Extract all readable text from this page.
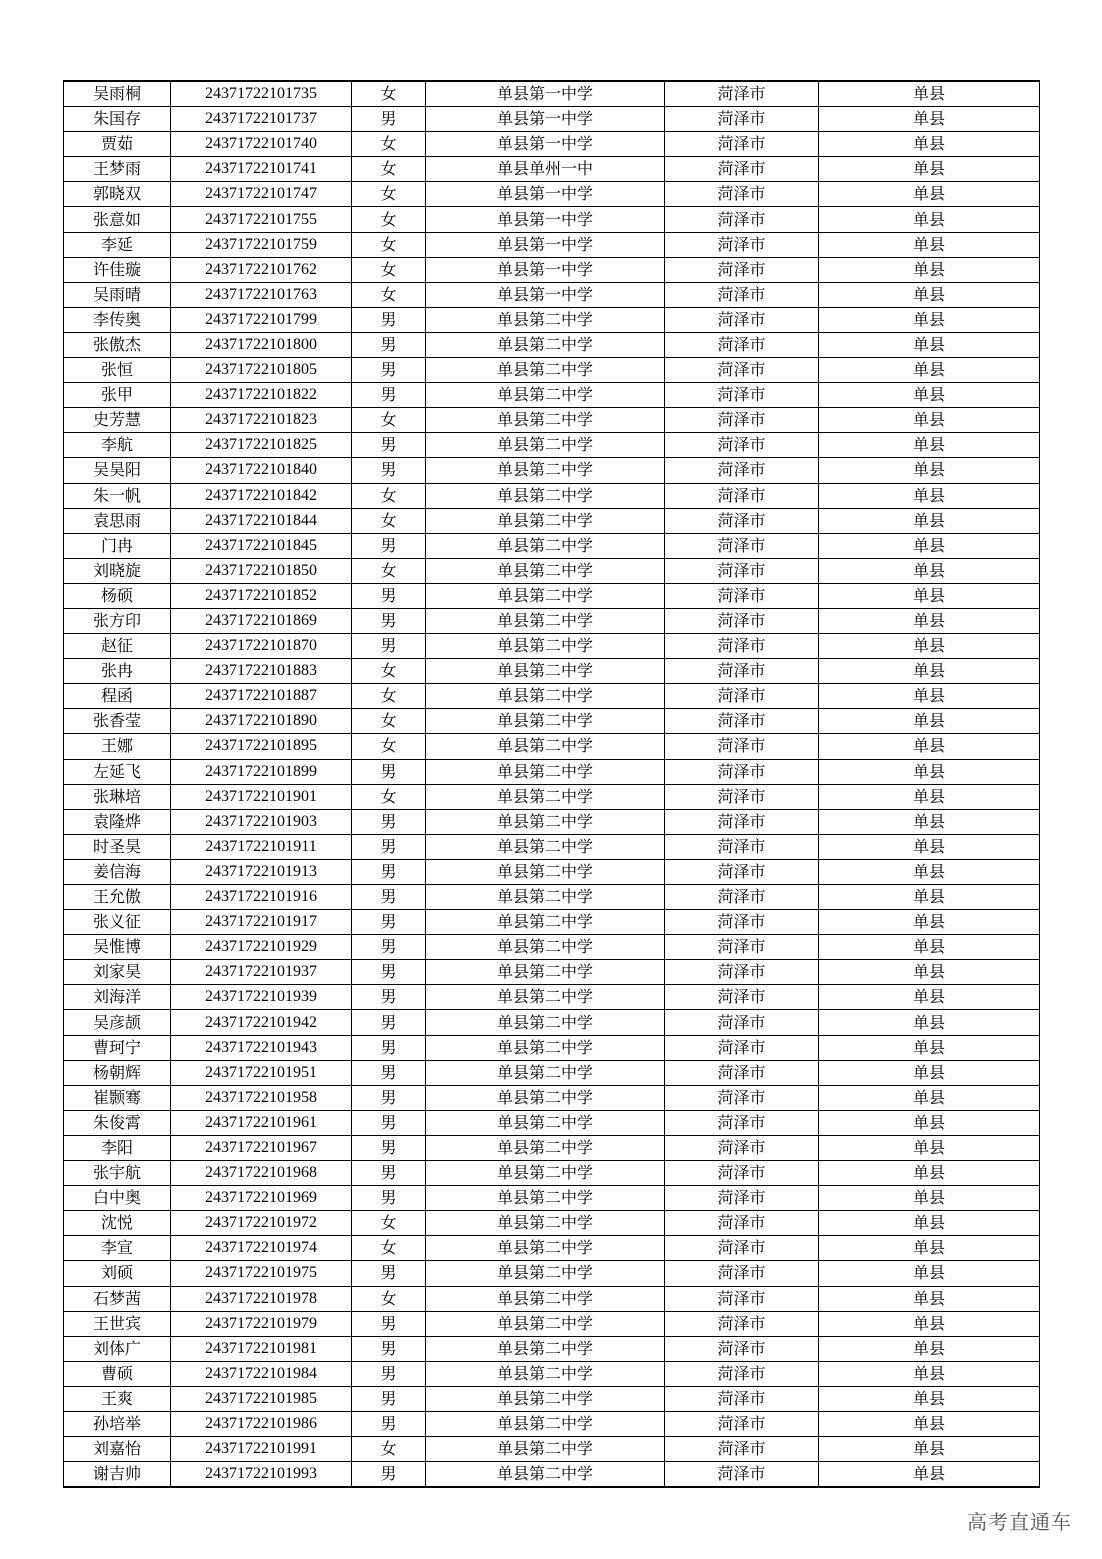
吴雨桐	24371722101735	女	单县第一中学	菏泽市	单县
朱国存	24371722101737	男	单县第一中学	菏泽市	单县
贾茹	24371722101740	女	单县第一中学	菏泽市	单县
王梦雨	24371722101741	女	单县单州一中	菏泽市	单县
郭晓双	24371722101747	女	单县第一中学	菏泽市	单县
张意如	24371722101755	女	单县第一中学	菏泽市	单县
李延	24371722101759	女	单县第一中学	菏泽市	单县
许佳璇	24371722101762	女	单县第一中学	菏泽市	单县
吴雨晴	24371722101763	女	单县第一中学	菏泽市	单县
李传奥	24371722101799	男	单县第二中学	菏泽市	单县
张傲杰	24371722101800	男	单县第二中学	菏泽市	单县
张恒	24371722101805	男	单县第二中学	菏泽市	单县
张甲	24371722101822	男	单县第二中学	菏泽市	单县
史芳慧	24371722101823	女	单县第二中学	菏泽市	单县
李航	24371722101825	男	单县第二中学	菏泽市	单县
吴昊阳	24371722101840	男	单县第二中学	菏泽市	单县
朱一帆	24371722101842	女	单县第二中学	菏泽市	单县
袁思雨	24371722101844	女	单县第二中学	菏泽市	单县
门冉	24371722101845	男	单县第二中学	菏泽市	单县
刘晓旋	24371722101850	女	单县第二中学	菏泽市	单县
杨硕	24371722101852	男	单县第二中学	菏泽市	单县
张方印	24371722101869	男	单县第二中学	菏泽市	单县
赵征	24371722101870	男	单县第二中学	菏泽市	单县
张冉	24371722101883	女	单县第二中学	菏泽市	单县
程函	24371722101887	女	单县第二中学	菏泽市	单县
张香莹	24371722101890	女	单县第二中学	菏泽市	单县
王娜	24371722101895	女	单县第二中学	菏泽市	单县
左延飞	24371722101899	男	单县第二中学	菏泽市	单县
张琳培	24371722101901	女	单县第二中学	菏泽市	单县
袁隆烨	24371722101903	男	单县第二中学	菏泽市	单县
时圣昊	24371722101911	男	单县第二中学	菏泽市	单县
姜信海	24371722101913	男	单县第二中学	菏泽市	单县
王允傲	24371722101916	男	单县第二中学	菏泽市	单县
张义征	24371722101917	男	单县第二中学	菏泽市	单县
吴惟博	24371722101929	男	单县第二中学	菏泽市	单县
刘家昊	24371722101937	男	单县第二中学	菏泽市	单县
刘海洋	24371722101939	男	单县第二中学	菏泽市	单县
吴彦颉	24371722101942	男	单县第二中学	菏泽市	单县
曹珂宁	24371722101943	男	单县第二中学	菏泽市	单县
杨朝辉	24371722101951	男	单县第二中学	菏泽市	单县
崔颢骞	24371722101958	男	单县第二中学	菏泽市	单县
朱俊霄	24371722101961	男	单县第二中学	菏泽市	单县
李阳	24371722101967	男	单县第二中学	菏泽市	单县
张宇航	24371722101968	男	单县第二中学	菏泽市	单县
白中奥	24371722101969	男	单县第二中学	菏泽市	单县
沈悦	24371722101972	女	单县第二中学	菏泽市	单县
李宣	24371722101974	女	单县第二中学	菏泽市	单县
刘硕	24371722101975	男	单县第二中学	菏泽市	单县
石梦茜	24371722101978	女	单县第二中学	菏泽市	单县
王世宾	24371722101979	男	单县第二中学	菏泽市	单县
刘体广	24371722101981	男	单县第二中学	菏泽市	单县
曹硕	24371722101984	男	单县第二中学	菏泽市	单县
王爽	24371722101985	男	单县第二中学	菏泽市	单县
孙培举	24371722101986	男	单县第二中学	菏泽市	单县
刘嘉怡	24371722101991	女	单县第二中学	菏泽市	单县
谢吉帅	24371722101993	男	单县第二中学	菏泽市	单县
高考直通车
